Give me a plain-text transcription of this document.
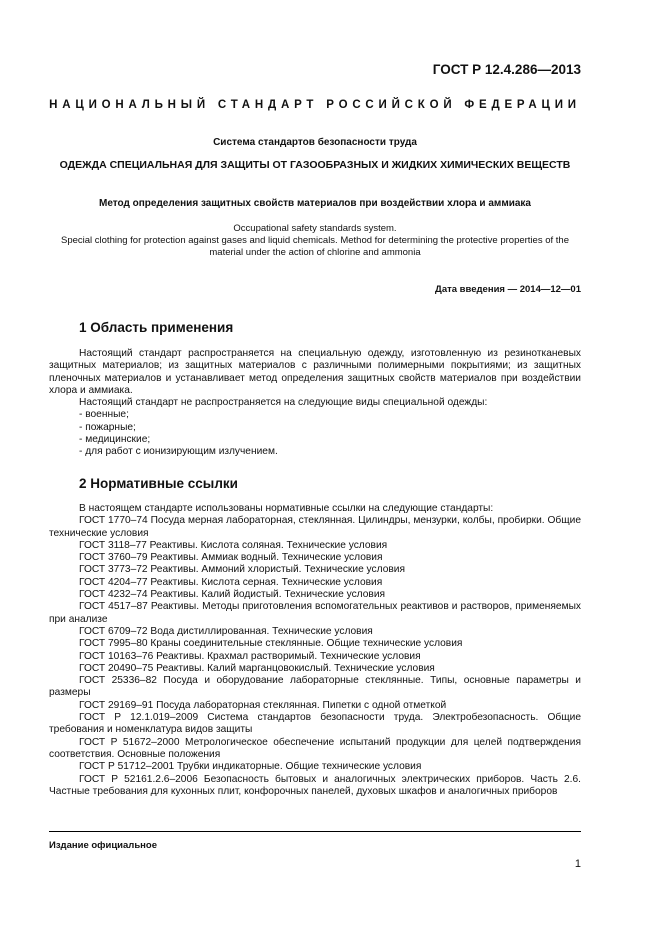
ГОСТ Р 12.4.286—2013
НАЦИОНАЛЬНЫЙ СТАНДАРТ РОССИЙСКОЙ ФЕДЕРАЦИИ
Система стандартов безопасности труда
ОДЕЖДА СПЕЦИАЛЬНАЯ ДЛЯ ЗАЩИТЫ ОТ ГАЗООБРАЗНЫХ И ЖИДКИХ ХИМИЧЕСКИХ ВЕЩЕСТВ
Метод определения защитных свойств материалов при воздействии хлора и аммиака
Occupational safety standards system.
Special clothing for protection against gases and liquid chemicals. Method for determining the protective properties of the material under the action of chlorine and ammonia
Дата введения — 2014—12—01
1 Область применения

Настоящий стандарт распространяется на специальную одежду, изготовленную из резинотканевых защитных материалов; из защитных материалов с различными полимерными покрытиями; из защитных пленочных материалов и устанавливает метод определения защитных свойств материалов при воздействии хлора и аммиака.

Настоящий стандарт не распространяется на следующие виды специальной одежды:

- военные;

- пожарные;

- медицинские;

- для работ с ионизирующим излучением.

2 Нормативные ссылки

В настоящем стандарте использованы нормативные ссылки на следующие стандарты:

ГОСТ 1770–74 Посуда мерная лабораторная, стеклянная. Цилиндры, мензурки, колбы, пробирки. Общие технические условия

ГОСТ 3118–77 Реактивы. Кислота соляная. Технические условия

ГОСТ 3760–79 Реактивы. Аммиак водный. Технические условия

ГОСТ 3773–72 Реактивы. Аммоний хлористый. Технические условия

ГОСТ 4204–77 Реактивы. Кислота серная. Технические условия

ГОСТ 4232–74 Реактивы. Калий йодистый. Технические условия

ГОСТ 4517–87 Реактивы. Методы приготовления вспомогательных реактивов и растворов, применяемых при анализе

ГОСТ 6709–72 Вода дистиллированная. Технические условия

ГОСТ 7995–80 Краны соединительные стеклянные. Общие технические условия

ГОСТ 10163–76 Реактивы. Крахмал растворимый. Технические условия

ГОСТ 20490–75 Реактивы. Калий марганцовокислый. Технические условия

ГОСТ 25336–82 Посуда и оборудование лабораторные стеклянные. Типы, основные параметры и размеры

ГОСТ 29169–91 Посуда лабораторная стеклянная. Пипетки с одной отметкой

ГОСТ Р 12.1.019–2009 Система стандартов безопасности труда. Электробезопасность. Общие требования и номенклатура видов защиты

ГОСТ Р 51672–2000 Метрологическое обеспечение испытаний продукции для целей подтверждения соответствия. Основные положения

ГОСТ Р 51712–2001 Трубки индикаторные. Общие технические условия

ГОСТ Р 52161.2.6–2006 Безопасность бытовых и аналогичных электрических приборов. Часть 2.6. Частные требования для кухонных плит, конфорочных панелей, духовых шкафов и аналогичных приборов

Издание официальное
1
